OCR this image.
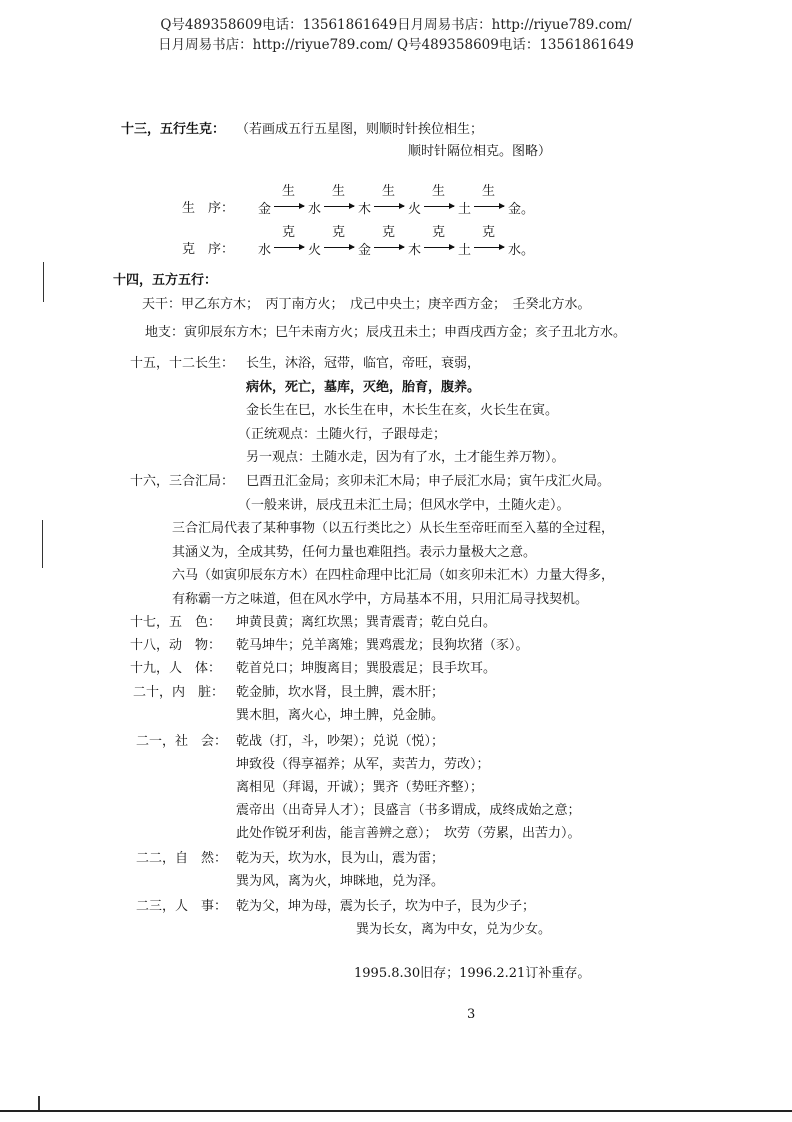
Q号489358609电话：13561861649日月周易书店：http://riyue789.com/
日月周易书店：http://riyue789.com/ Q号489358609电话：13561861649
十三，五行生克： （若画成五行五星图，则顺时针挨位相生；
顺时针隔位相克。图略）
生　序： 金
生
水
生
木
生
火
生
土
生
金。
克　序： 水
克
火
克
金
克
木
克
土
克
水。
十四，五方五行：
天干：甲乙东方木；　丙丁南方火；　戊己中央土；庚辛西方金；　壬癸北方水。
地支：寅卯辰东方木；巳午未南方火；辰戌丑未土；申酉戌西方金；亥子丑北方水。
十五，十二长生： 长生，沐浴，冠带，临官，帝旺，衰弱，
病休，死亡，墓库，灭绝，胎育，腹养。
金长生在巳，水长生在申，木长生在亥，火长生在寅。
（正统观点：土随火行，子跟母走；
另一观点：土随水走，因为有了水，土才能生养万物）。
十六，三合汇局： 巳酉丑汇金局；亥卯未汇木局；申子辰汇水局；寅午戌汇火局。
（一般来讲，辰戌丑未汇土局；但风水学中，土随火走）。
三合汇局代表了某种事物（以五行类比之）从长生至帝旺而至入墓的全过程，
其涵义为，全成其势，任何力量也难阻挡。表示力量极大之意。
六马（如寅卯辰东方木）在四柱命理中比汇局（如亥卯未汇木）力量大得多，
有称霸一方之味道，但在风水学中，方局基本不用，只用汇局寻找契机。
十七，五　色： 坤黄艮黄；离红坎黑；巽青震青；乾白兑白。
十八，动　物： 乾马坤牛；兑羊离雉；巽鸡震龙；艮狗坎猪（豕）。
十九，人　体： 乾首兑口；坤腹离目；巽股震足；艮手坎耳。
二十，内　脏： 乾金肺，坎水肾，艮土脾，震木肝；
巽木胆，离火心，坤土脾，兑金肺。
二一，社　会： 乾战（打，斗，吵架）；兑说（悦）；
坤致役（得享福养；从军，卖苦力，劳改）；
离相见（拜谒，开诚）；巽齐（势旺齐整）；
震帝出（出奇异人才）；艮盛言（书多谓成，成终成始之意；
此处作锐牙利齿，能言善辨之意）；　坎劳（劳累，出苦力）。
二二，自　然： 乾为天，坎为水，艮为山，震为雷；
巽为风，离为火，坤眯地，兑为泽。
二三，人　事： 乾为父，坤为母，震为长子，坎为中子，艮为少子；
巽为长女，离为中女，兑为少女。
1995.8.30旧存；1996.2.21订补重存。
3
